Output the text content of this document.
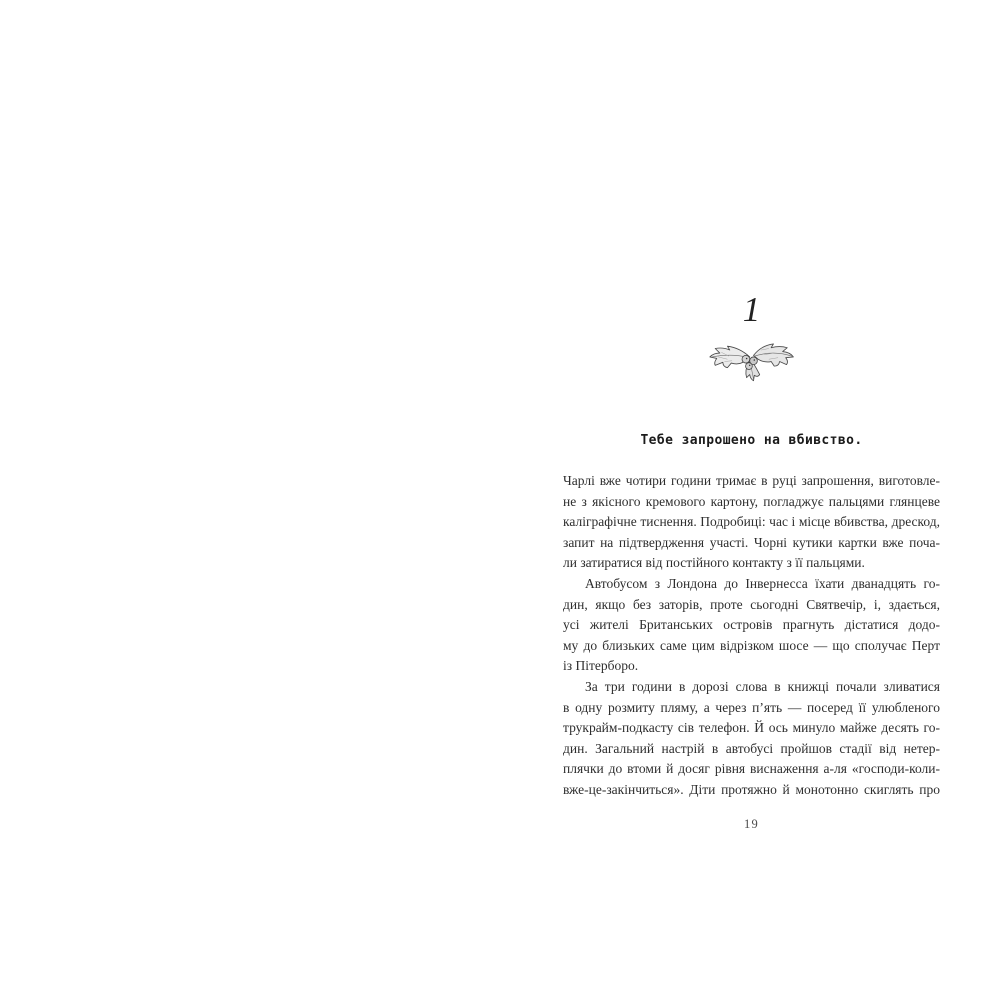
1
Тебе запрошено на вбивство.
Чарлі вже чотири години тримає в руці запрошення, виготовле-
не з якісного кремового картону, погладжує пальцями глянцеве
каліграфічне тиснення. Подробиці: час і місце вбивства, дрескод,
запит на підтвердження участі. Чорні кутики картки вже поча-
ли затиратися від постійного контакту з її пальцями.
Автобусом з Лондона до Інвернесса їхати дванадцять го-
дин, якщо без заторів, проте сьогодні Святвечір, і, здається,
усі жителі Британських островів прагнуть дістатися додо-
му до близьких саме цим відрізком шосе — що сполучає Перт
із Пітерборо.
За три години в дорозі слова в книжці почали зливатися
в одну розмиту пляму, а через п’ять — посеред її улюбленого
трукрайм-подкасту сів телефон. Й ось минуло майже десять го-
дин. Загальний настрій в автобусі пройшов стадії від нетер-
плячки до втоми й досяг рівня виснаження а-ля «господи-коли-
вже-це-закінчиться». Діти протяжно й монотонно скиглять про
19
